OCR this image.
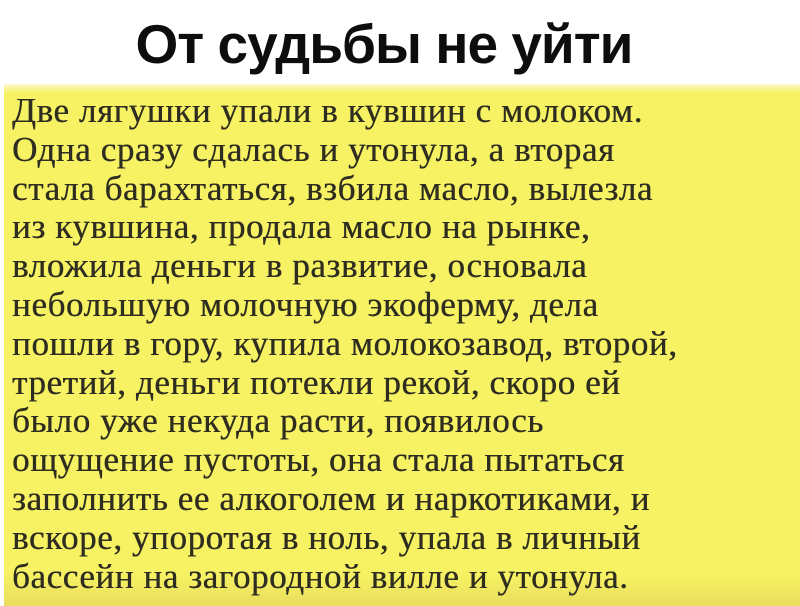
От судьбы не уйти
Две лягушки упали в кувшин с молоком.
Одна сразу сдалась и утонула, а вторая
стала барахтаться, взбила масло, вылезла
из кувшина, продала масло на рынке,
вложила деньги в развитие, основала
небольшую молочную экоферму, дела
пошли в гору, купила молокозавод, второй,
третий, деньги потекли рекой, скоро ей
было уже некуда расти, появилось
ощущение пустоты, она стала пытаться
заполнить ее алкоголем и наркотиками, и
вскоре, упоротая в ноль, упала в личный
бассейн на загородной вилле и утонула.
